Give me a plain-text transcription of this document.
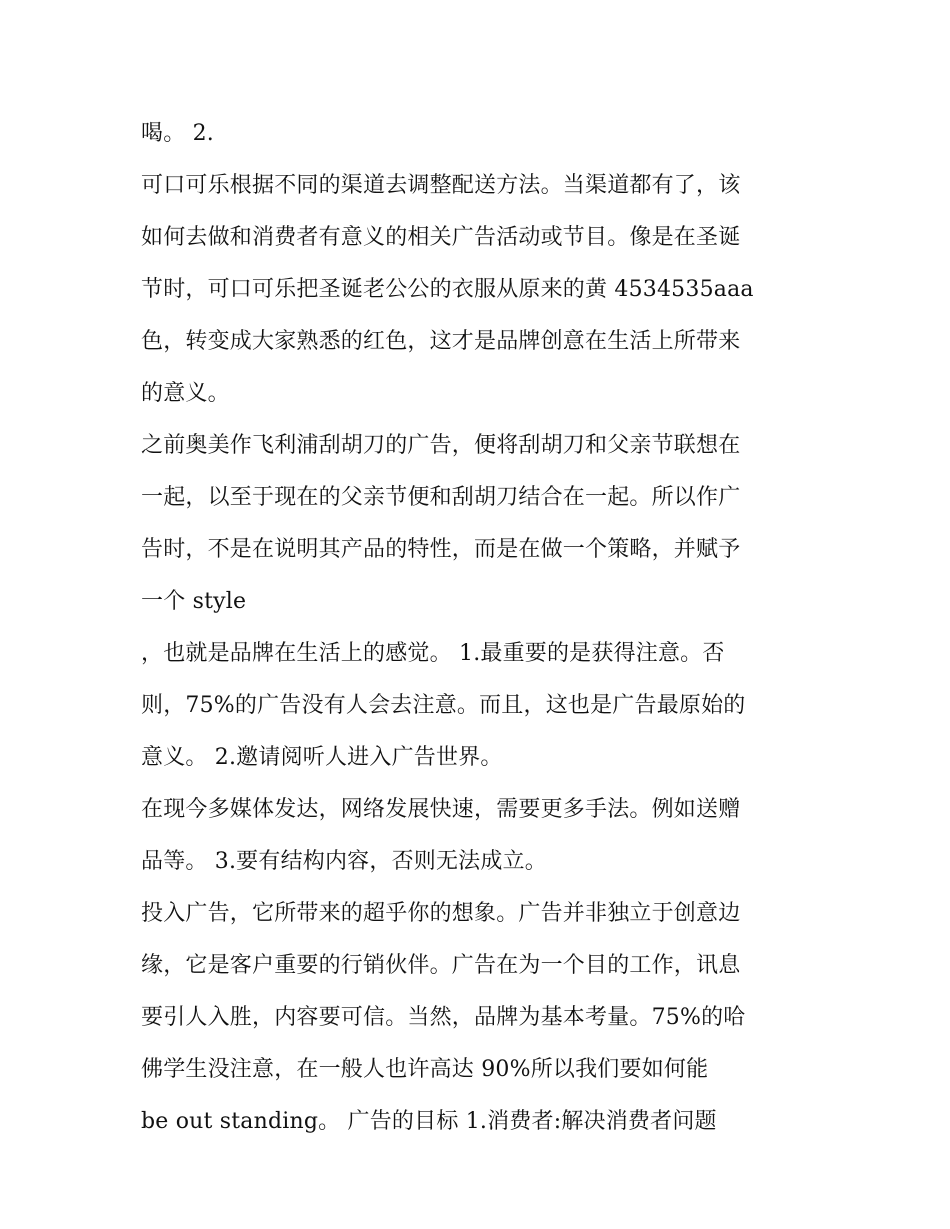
喝。 2.
可口可乐根据不同的渠道去调整配送方法。当渠道都有了，该
如何去做和消费者有意义的相关广告活动或节目。像是在圣诞
节时，可口可乐把圣诞老公公的衣服从原来的黄 4534535aaa
色，转变成大家熟悉的红色，这才是品牌创意在生活上所带来
的意义。
之前奥美作飞利浦刮胡刀的广告，便将刮胡刀和父亲节联想在
一起，以至于现在的父亲节便和刮胡刀结合在一起。所以作广
告时，不是在说明其产品的特性，而是在做一个策略，并赋予
一个 style
，也就是品牌在生活上的感觉。 1.最重要的是获得注意。否
则，75%的广告没有人会去注意。而且，这也是广告最原始的
意义。 2.邀请阅听人进入广告世界。
在现今多媒体发达，网络发展快速，需要更多手法。例如送赠
品等。 3.要有结构内容，否则无法成立。
投入广告，它所带来的超乎你的想象。广告并非独立于创意边
缘，它是客户重要的行销伙伴。广告在为一个目的工作，讯息
要引人入胜，内容要可信。当然，品牌为基本考量。75%的哈
佛学生没注意，在一般人也许高达 90%所以我们要如何能
be out standing。 广告的目标 1.消费者:解决消费者问题
